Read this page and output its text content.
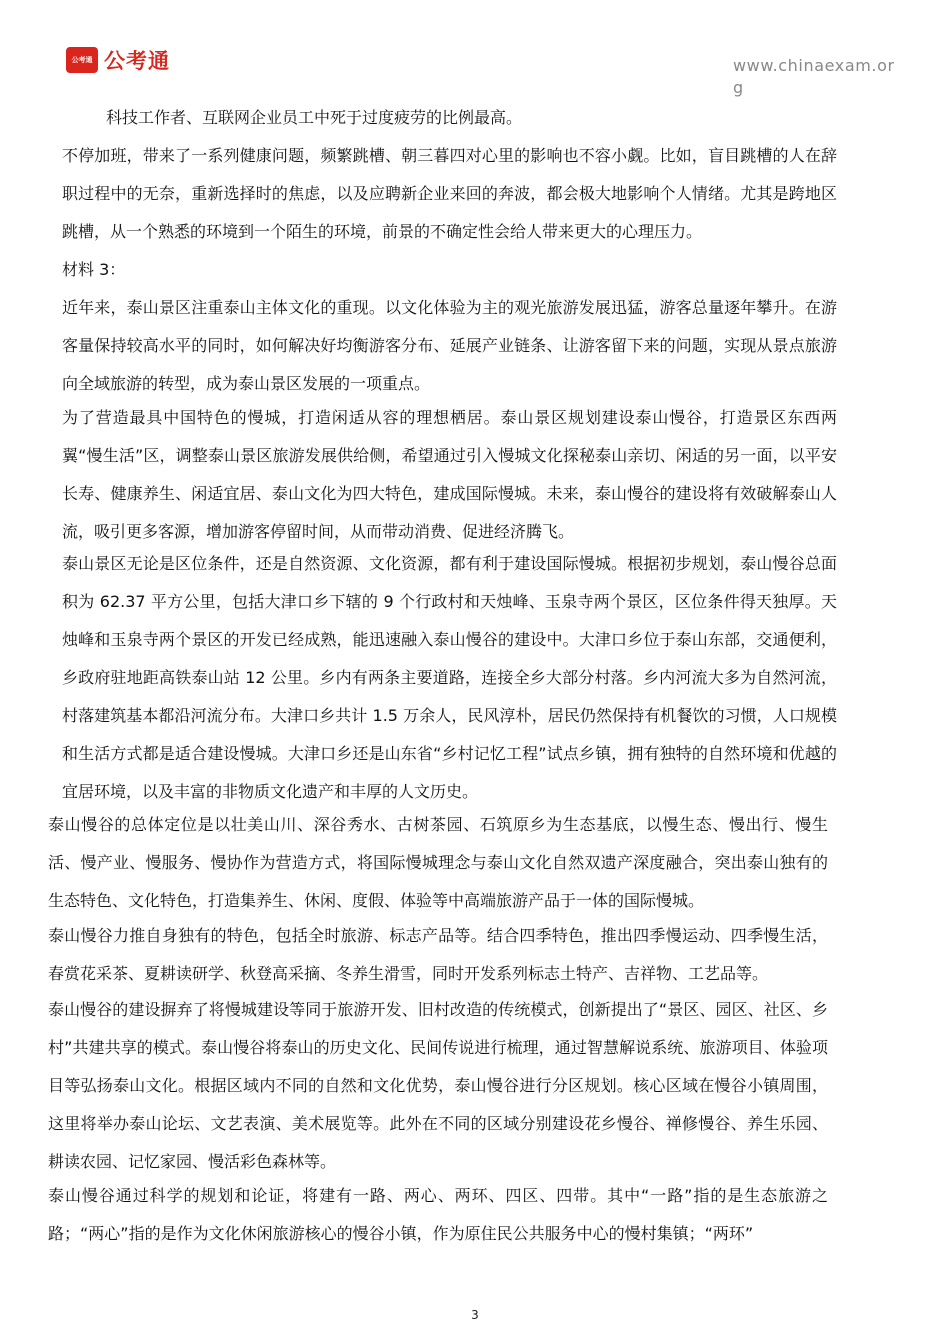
公考通 公考通	www.chinaexam.org

科技工作者、互联网企业员工中死于过度疲劳的比例最高。

不停加班，带来了一系列健康问题，频繁跳槽、朝三暮四对心里的影响也不容小觑。比如，盲目跳槽的人在辞职过程中的无奈，重新选择时的焦虑，以及应聘新企业来回的奔波，都会极大地影响个人情绪。尤其是跨地区跳槽，从一个熟悉的环境到一个陌生的环境，前景的不确定性会给人带来更大的心理压力。

材料 3：

近年来，泰山景区注重泰山主体文化的重现。以文化体验为主的观光旅游发展迅猛，游客总量逐年攀升。在游客量保持较高水平的同时，如何解决好均衡游客分布、延展产业链条、让游客留下来的问题，实现从景点旅游向全域旅游的转型，成为泰山景区发展的一项重点。

为了营造最具中国特色的慢城，打造闲适从容的理想栖居。泰山景区规划建设泰山慢谷，打造景区东西两翼“慢生活”区，调整泰山景区旅游发展供给侧，希望通过引入慢城文化探秘泰山亲切、闲适的另一面，以平安长寿、健康养生、闲适宜居、泰山文化为四大特色，建成国际慢城。未来，泰山慢谷的建设将有效破解泰山人流，吸引更多客源，增加游客停留时间，从而带动消费、促进经济腾飞。

泰山景区无论是区位条件，还是自然资源、文化资源，都有利于建设国际慢城。根据初步规划，泰山慢谷总面积为 62.37 平方公里，包括大津口乡下辖的 9 个行政村和天烛峰、玉泉寺两个景区，区位条件得天独厚。天烛峰和玉泉寺两个景区的开发已经成熟，能迅速融入泰山慢谷的建设中。大津口乡位于泰山东部，交通便利，乡政府驻地距高铁泰山站 12 公里。乡内有两条主要道路，连接全乡大部分村落。乡内河流大多为自然河流，村落建筑基本都沿河流分布。大津口乡共计 1.5 万余人，民风淳朴，居民仍然保持有机餐饮的习惯，人口规模和生活方式都是适合建设慢城。大津口乡还是山东省“乡村记忆工程”试点乡镇，拥有独特的自然环境和优越的宜居环境，以及丰富的非物质文化遗产和丰厚的人文历史。

泰山慢谷的总体定位是以壮美山川、深谷秀水、古树茶园、石筑原乡为生态基底，以慢生态、慢出行、慢生活、慢产业、慢服务、慢协作为营造方式，将国际慢城理念与泰山文化自然双遗产深度融合，突出泰山独有的生态特色、文化特色，打造集养生、休闲、度假、体验等中高端旅游产品于一体的国际慢城。

泰山慢谷力推自身独有的特色，包括全时旅游、标志产品等。结合四季特色，推出四季慢运动、四季慢生活，春赏花采茶、夏耕读研学、秋登高采摘、冬养生滑雪，同时开发系列标志土特产、吉祥物、工艺品等。

泰山慢谷的建设摒弃了将慢城建设等同于旅游开发、旧村改造的传统模式，创新提出了“景区、园区、社区、乡村”共建共享的模式。泰山慢谷将泰山的历史文化、民间传说进行梳理，通过智慧解说系统、旅游项目、体验项目等弘扬泰山文化。根据区域内不同的自然和文化优势，泰山慢谷进行分区规划。核心区域在慢谷小镇周围，这里将举办泰山论坛、文艺表演、美术展览等。此外在不同的区域分别建设花乡慢谷、禅修慢谷、养生乐园、耕读农园、记忆家园、慢活彩色森林等。

泰山慢谷通过科学的规划和论证，将建有一路、两心、两环、四区、四带。其中“一路”指的是生态旅游之路；“两心”指的是作为文化休闲旅游核心的慢谷小镇，作为原住民公共服务中心的慢村集镇；“两环”

3
